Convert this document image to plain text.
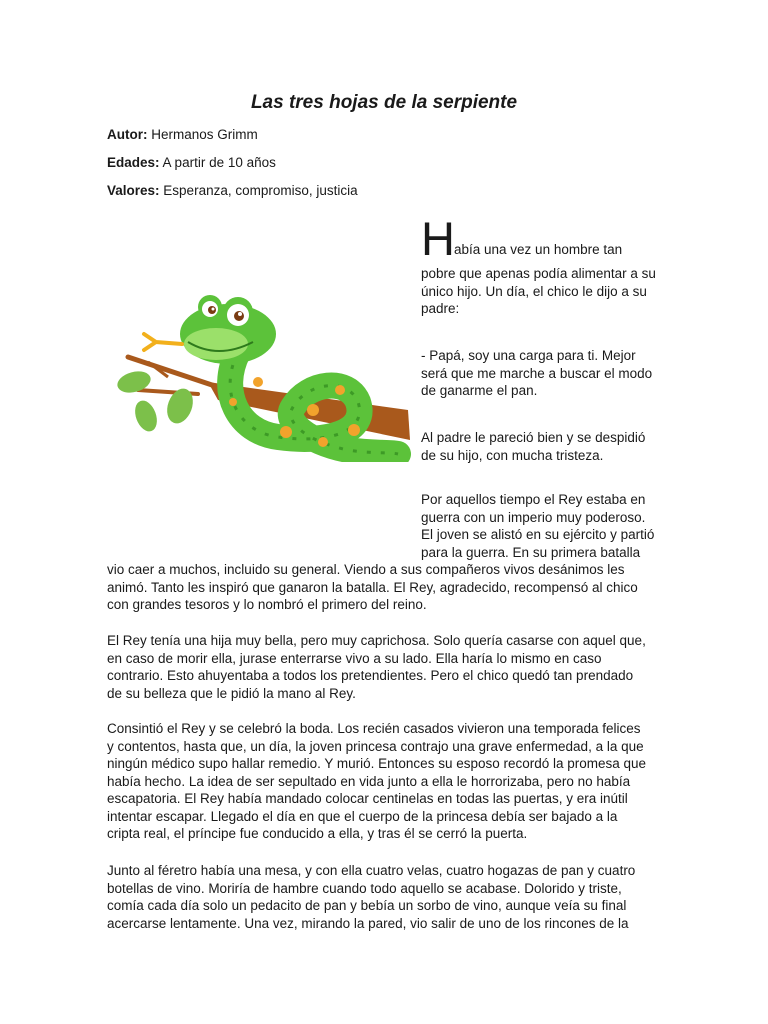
Las tres hojas de la serpiente
Autor: Hermanos Grimm
Edades: A partir de 10 años
Valores: Esperanza, compromiso, justicia
H abía una vez un hombre tan

pobre que apenas podía alimentar a su

único hijo. Un día, el chico le dijo a su

padre:

- Papá, soy una carga para ti. Mejor

será que me marche a buscar el modo

de ganarme el pan.

Al padre le pareció bien y se despidió

de su hijo, con mucha tristeza.

Por aquellos tiempo el Rey estaba en

guerra con un imperio muy poderoso.

El joven se alistó en su ejército y partió

para la guerra. En su primera batalla

vio caer a muchos, incluido su general. Viendo a sus compañeros vivos desánimos les
animó. Tanto les inspiró que ganaron la batalla. El Rey, agradecido, recompensó al chico
con grandes tesoros y lo nombró el primero del reino.
El Rey tenía una hija muy bella, pero muy caprichosa. Solo quería casarse con aquel que,
en caso de morir ella, jurase enterrarse vivo a su lado. Ella haría lo mismo en caso
contrario. Esto ahuyentaba a todos los pretendientes. Pero el chico quedó tan prendado
de su belleza que le pidió la mano al Rey.
Consintió el Rey y se celebró la boda. Los recién casados vivieron una temporada felices
y contentos, hasta que, un día, la joven princesa contrajo una grave enfermedad, a la que
ningún médico supo hallar remedio. Y murió. Entonces su esposo recordó la promesa que
había hecho. La idea de ser sepultado en vida junto a ella le horrorizaba, pero no había
escapatoria. El Rey había mandado colocar centinelas en todas las puertas, y era inútil
intentar escapar. Llegado el día en que el cuerpo de la princesa debía ser bajado a la
cripta real, el príncipe fue conducido a ella, y tras él se cerró la puerta.
Junto al féretro había una mesa, y con ella cuatro velas, cuatro hogazas de pan y cuatro
botellas de vino. Moriría de hambre cuando todo aquello se acabase. Dolorido y triste,
comía cada día solo un pedacito de pan y bebía un sorbo de vino, aunque veía su final
acercarse lentamente. Una vez, mirando la pared, vio salir de uno de los rincones de la
